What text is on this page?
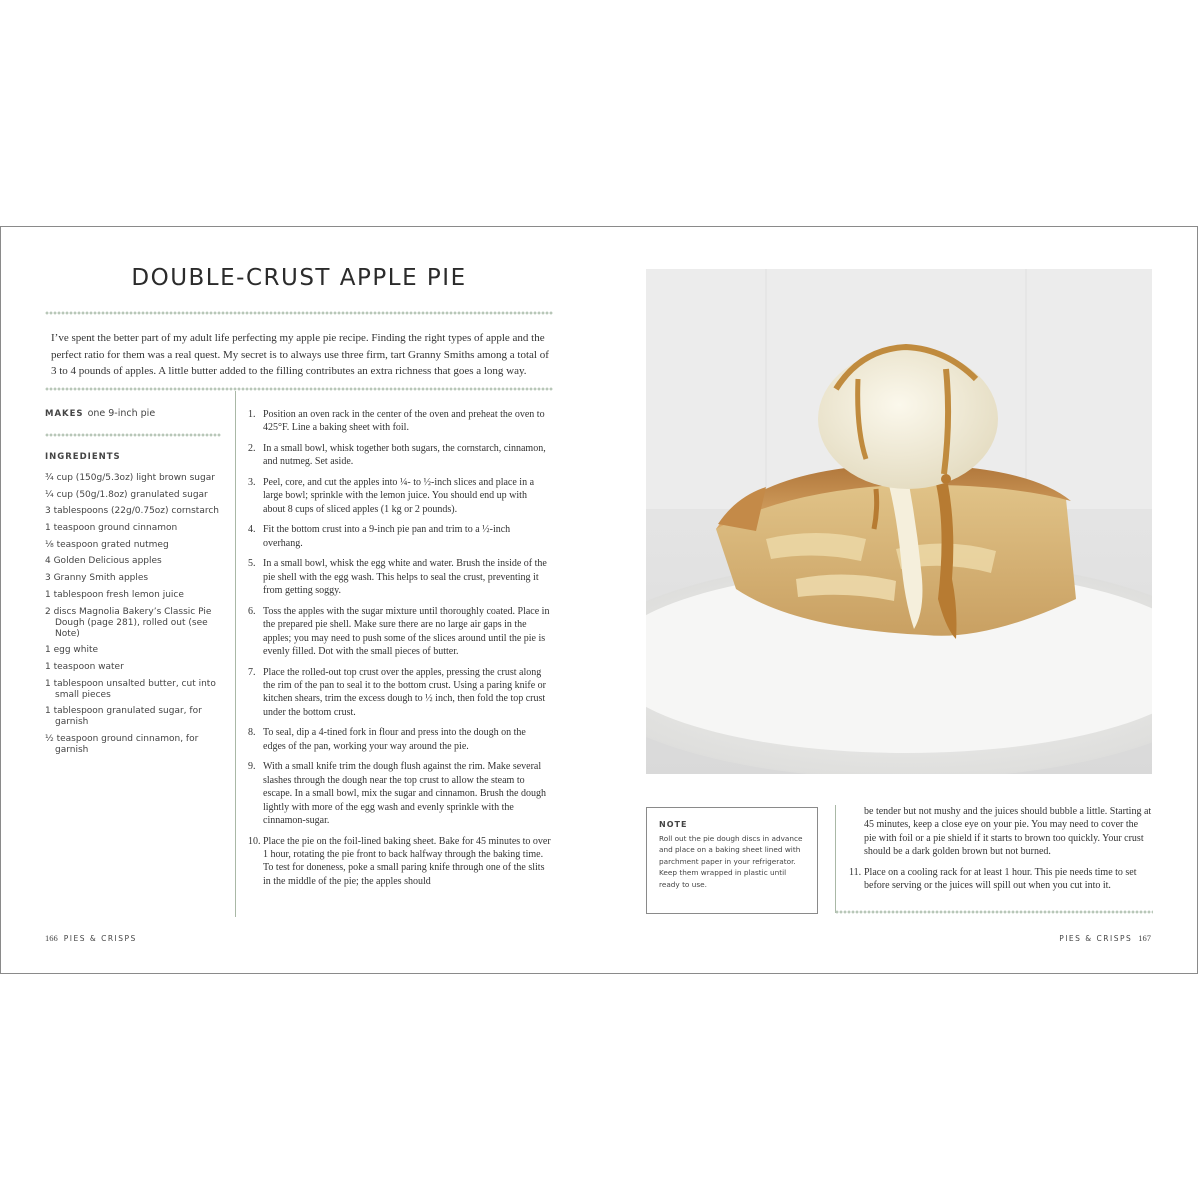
DOUBLE-CRUST APPLE PIE
I’ve spent the better part of my adult life perfecting my apple pie recipe. Finding the right types of apple and the perfect ratio for them was a real quest. My secret is to always use three firm, tart Granny Smiths among a total of 3 to 4 pounds of apples. A little butter added to the filling contributes an extra richness that goes a long way.
MAKES one 9-inch pie
INGREDIENTS
¾ cup (150g/5.3oz) light brown sugar
¼ cup (50g/1.8oz) granulated sugar
3 tablespoons (22g/0.75oz) cornstarch
1 teaspoon ground cinnamon
⅛ teaspoon grated nutmeg
4 Golden Delicious apples
3 Granny Smith apples
1 tablespoon fresh lemon juice
2 discs Magnolia Bakery’s Classic Pie Dough (page 281), rolled out (see Note)
1 egg white
1 teaspoon water
1 tablespoon unsalted butter, cut into small pieces
1 tablespoon granulated sugar, for garnish
½ teaspoon ground cinnamon, for garnish
1. Position an oven rack in the center of the oven and preheat the oven to 425°F. Line a baking sheet with foil.
2. In a small bowl, whisk together both sugars, the cornstarch, cinnamon, and nutmeg. Set aside.
3. Peel, core, and cut the apples into ¼- to ½-inch slices and place in a large bowl; sprinkle with the lemon juice. You should end up with about 8 cups of sliced apples (1 kg or 2 pounds).
4. Fit the bottom crust into a 9-inch pie pan and trim to a ½-inch overhang.
5. In a small bowl, whisk the egg white and water. Brush the inside of the pie shell with the egg wash. This helps to seal the crust, preventing it from getting soggy.
6. Toss the apples with the sugar mixture until thoroughly coated. Place in the prepared pie shell. Make sure there are no large air gaps in the apples; you may need to push some of the slices around until the pie is evenly filled. Dot with the small pieces of butter.
7. Place the rolled-out top crust over the apples, pressing the crust along the rim of the pan to seal it to the bottom crust. Using a paring knife or kitchen shears, trim the excess dough to ½ inch, then fold the top crust under the bottom crust.
8. To seal, dip a 4-tined fork in flour and press into the dough on the edges of the pan, working your way around the pie.
9. With a small knife trim the dough flush against the rim. Make several slashes through the dough near the top crust to allow the steam to escape. In a small bowl, mix the sugar and cinnamon. Brush the dough lightly with more of the egg wash and evenly sprinkle with the cinnamon-sugar.
10. Place the pie on the foil-lined baking sheet. Bake for 45 minutes to over 1 hour, rotating the pie front to back halfway through the baking time. To test for doneness, poke a small paring knife through one of the slits in the middle of the pie; the apples should
166 PIES & CRISPS
NOTE
Roll out the pie dough discs in advance and place on a baking sheet lined with parchment paper in your refrigerator. Keep them wrapped in plastic until ready to use.
be tender but not mushy and the juices should bubble a little. Starting at 45 minutes, keep a close eye on your pie. You may need to cover the pie with foil or a pie shield if it starts to brown too quickly. Your crust should be a dark golden brown but not burned.
11. Place on a cooling rack for at least 1 hour. This pie needs time to set before serving or the juices will spill out when you cut into it.
PIES & CRISPS 167
